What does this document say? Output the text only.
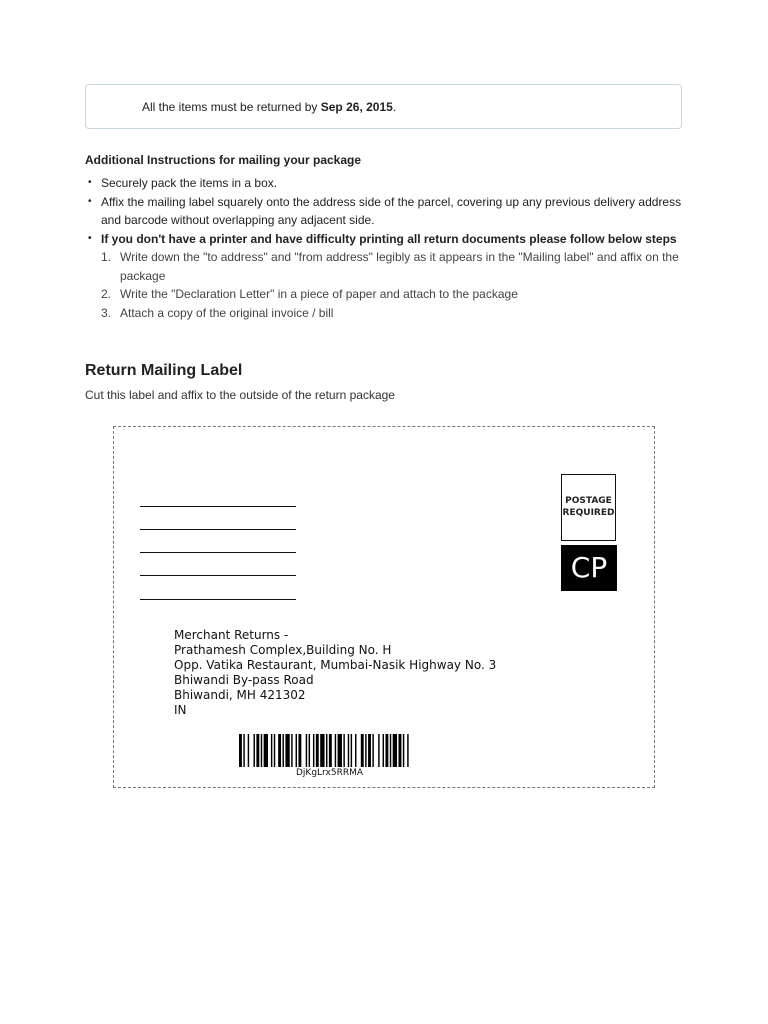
All the items must be returned by Sep 26, 2015.
Additional Instructions for mailing your package
• Securely pack the items in a box.
• Affix the mailing label squarely onto the address side of the parcel, covering up any previous delivery address and barcode without overlapping any adjacent side.
• If you don't have a printer and have difficulty printing all return documents please follow below steps
1. Write down the "to address" and "from address" legibly as it appears in the "Mailing label" and affix on the package
2. Write the "Declaration Letter" in a piece of paper and attach to the package
3. Attach a copy of the original invoice / bill
Return Mailing Label
Cut this label and affix to the outside of the return package
POSTAGE
REQUIRED
CP
Merchant Returns -
Prathamesh Complex,Building No. H
Opp. Vatika Restaurant, Mumbai-Nasik Highway No. 3
Bhiwandi By-pass Road
Bhiwandi, MH 421302
IN
DjKgLrx5RRMA
